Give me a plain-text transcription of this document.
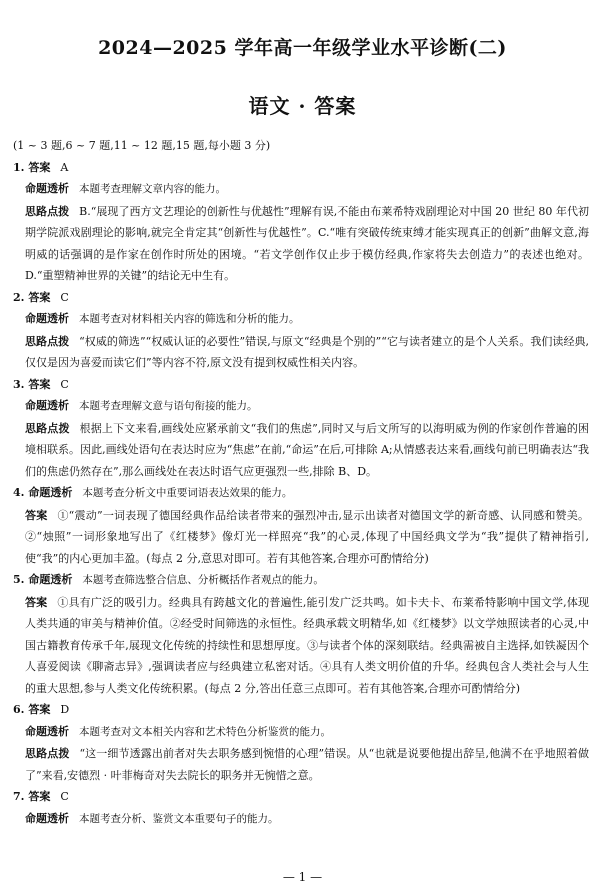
2024—2025 学年高一年级学业水平诊断(二)
语文 · 答案
(1 ~ 3 题,6 ~ 7 题,11 ~ 12 题,15 题,每小题 3 分)
1. 答案 A
命题透析 本题考查理解文章内容的能力。
思路点拨 B.“展现了西方文艺理论的创新性与优越性”理解有误,不能由布莱希特戏剧理论对中国 20 世纪 80 年代初期学院派戏剧理论的影响,就完全肯定其“创新性与优越性”。C.“唯有突破传统束缚才能实现真正的创新”曲解文意,海明威的话强调的是作家在创作时所处的困境。“若文学创作仅止步于模仿经典,作家将失去创造力”的表述也绝对。D.“重塑精神世界的关键”的结论无中生有。
2. 答案 C
命题透析 本题考查对材料相关内容的筛选和分析的能力。
思路点拨 “权威的筛选”“权威认证的必要性”错误,与原文“经典是个别的”“它与读者建立的是个人关系。我们读经典,仅仅是因为喜爱而读它们”等内容不符,原文没有提到权威性相关内容。
3. 答案 C
命题透析 本题考查理解文意与语句衔接的能力。
思路点拨 根据上下文来看,画线处应紧承前文“我们的焦虑”,同时又与后文所写的以海明威为例的作家创作普遍的困境相联系。因此,画线处语句在表达时应为“焦虑”在前,“命运”在后,可排除 A;从情感表达来看,画线句前已明确表达“我们的焦虑仍然存在”,那么画线处在表达时语气应更强烈一些,排除 B、D。
4. 命题透析 本题考查分析文中重要词语表达效果的能力。
答案 ①“震动”一词表现了德国经典作品给读者带来的强烈冲击,显示出读者对德国文学的新奇感、认同感和赞美。②“烛照”一词形象地写出了《红楼梦》像灯光一样照亮“我”的心灵,体现了中国经典文学为“我”提供了精神指引,使“我”的内心更加丰盈。(每点 2 分,意思对即可。若有其他答案,合理亦可酌情给分)
5. 命题透析 本题考查筛选整合信息、分析概括作者观点的能力。
答案 ①具有广泛的吸引力。经典具有跨越文化的普遍性,能引发广泛共鸣。如卡夫卡、布莱希特影响中国文学,体现人类共通的审美与精神价值。②经受时间筛选的永恒性。经典承载文明精华,如《红楼梦》以文学烛照读者的心灵,中国古籍教育传承千年,展现文化传统的持续性和思想厚度。③与读者个体的深刻联结。经典需被自主选择,如铁凝因个人喜爱阅读《聊斋志异》,强调读者应与经典建立私密对话。④具有人类文明价值的升华。经典包含人类社会与人生的重大思想,参与人类文化传统积累。(每点 2 分,答出任意三点即可。若有其他答案,合理亦可酌情给分)
6. 答案 D
命题透析 本题考查对文本相关内容和艺术特色分析鉴赏的能力。
思路点拨 “这一细节透露出前者对失去职务感到惋惜的心理”错误。从“也就是说要他提出辞呈,他满不在乎地照着做了”来看,安德烈 · 叶菲梅奇对失去院长的职务并无惋惜之意。
7. 答案 C
命题透析 本题考查分析、鉴赏文本重要句子的能力。
— 1 —
